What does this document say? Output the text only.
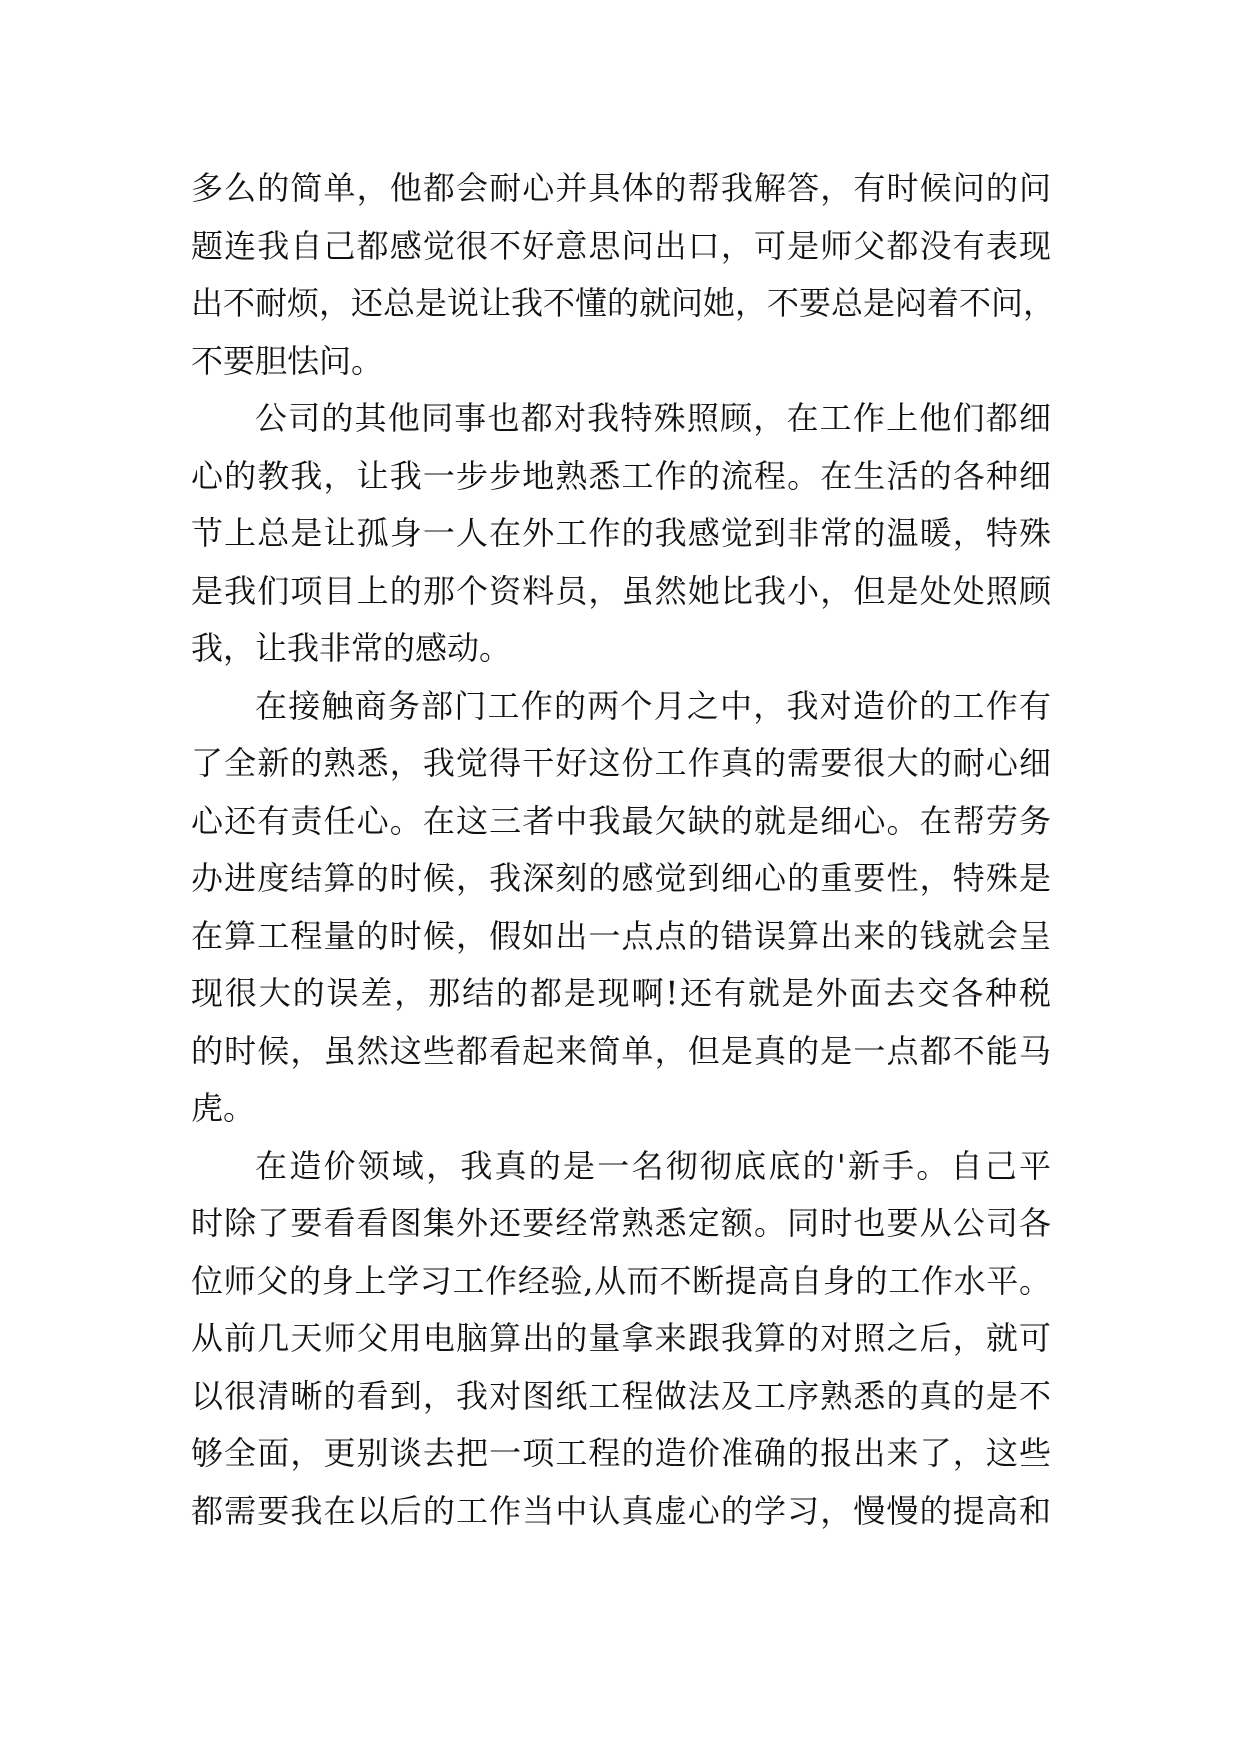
多么的简单，他都会耐心并具体的帮我解答，有时候问的问
题连我自己都感觉很不好意思问出口，可是师父都没有表现
出不耐烦，还总是说让我不懂的就问她，不要总是闷着不问，
不要胆怯问。
公司的其他同事也都对我特殊照顾，在工作上他们都细
心的教我，让我一步步地熟悉工作的流程。在生活的各种细
节上总是让孤身一人在外工作的我感觉到非常的温暖，特殊
是我们项目上的那个资料员，虽然她比我小，但是处处照顾
我，让我非常的感动。
在接触商务部门工作的两个月之中，我对造价的工作有
了全新的熟悉，我觉得干好这份工作真的需要很大的耐心细
心还有责任心。在这三者中我最欠缺的就是细心。在帮劳务
办进度结算的时候，我深刻的感觉到细心的重要性，特殊是
在算工程量的时候，假如出一点点的错误算出来的钱就会呈
现很大的误差，那结的都是现啊!还有就是外面去交各种税
的时候，虽然这些都看起来简单，但是真的是一点都不能马
虎。
在造价领域，我真的是一名彻彻底底的'新手。自己平
时除了要看看图集外还要经常熟悉定额。同时也要从公司各
位师父的身上学习工作经验,从而不断提高自身的工作水平。
从前几天师父用电脑算出的量拿来跟我算的对照之后，就可
以很清晰的看到，我对图纸工程做法及工序熟悉的真的是不
够全面，更别谈去把一项工程的造价准确的报出来了，这些
都需要我在以后的工作当中认真虚心的学习，慢慢的提高和
